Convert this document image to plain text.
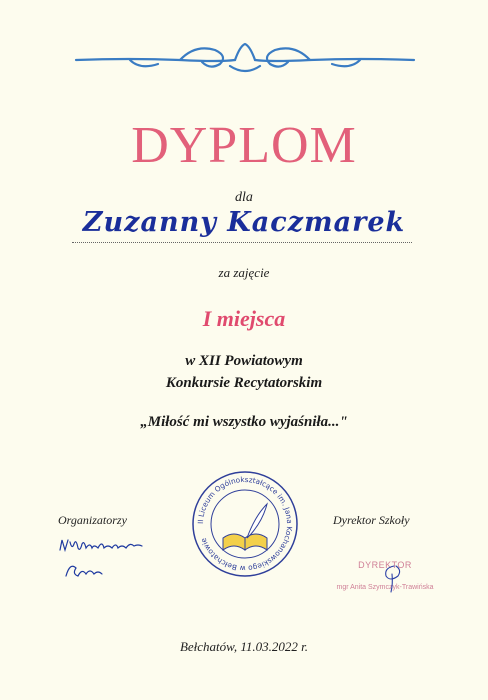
DYPLOM
dla
Zuzanny Kaczmarek
za zajęcie
I miejsca
w XII Powiatowym
Konkursie Recytatorskim
„Miłość mi wszystko wyjaśniła..."
Organizatorzy	Dyrektor Szkoły
II Liceum Ogólnokształcące im. Jana Kochanowskiego w Bełchatowie
DYREKTOR
mgr Anita Szymczyk-Trawińska
Bełchatów, 11.03.2022 r.
